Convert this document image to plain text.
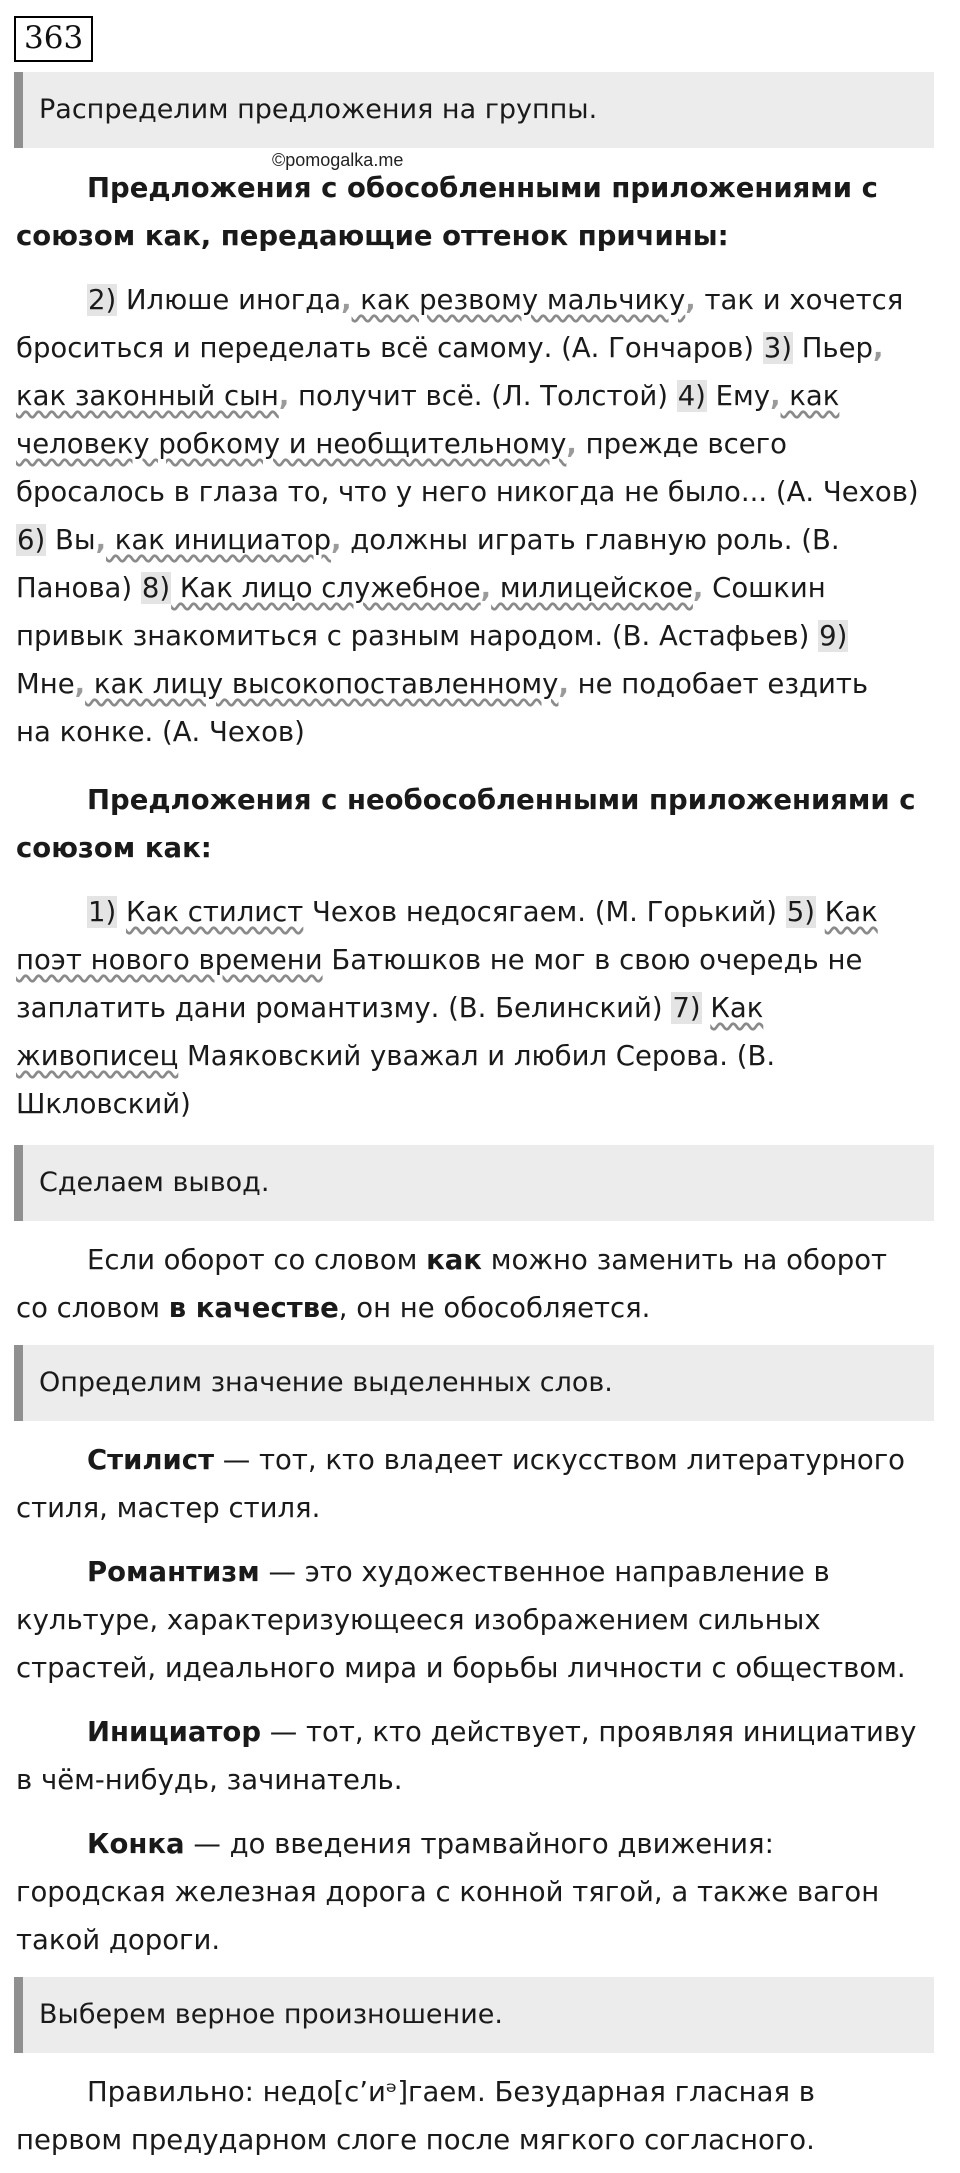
363
Распределим предложения на группы.
©pomogalka.me
Предложения с обособленными приложениями с
союзом как, передающие оттенок причины:
2) Илюше иногда, как резвому мальчику, так и хочется
броситься и переделать всё самому. (А. Гончаров) 3) Пьер,
как законный сын, получит всё. (Л. Толстой) 4) Ему, как
человеку робкому и необщительному, прежде всего
бросалось в глаза то, что у него никогда не было... (А. Чехов)
6) Вы, как инициатор, должны играть главную роль. (В.
Панова) 8) Как лицо служебное, милицейское, Сошкин
привык знакомиться с разным народом. (В. Астафьев) 9)
Мне, как лицу высокопоставленному, не подобает ездить
на конке. (А. Чехов)
Предложения с необособленными приложениями с
союзом как:
1) Как стилист Чехов недосягаем. (М. Горький) 5) Как
поэт нового времени Батюшков не мог в свою очередь не
заплатить дани романтизму. (В. Белинский) 7) Как
живописец Маяковский уважал и любил Серова. (В.
Шкловский)
Сделаем вывод.
Если оборот со словом как можно заменить на оборот
со словом в качестве, он не обособляется.
Определим значение выделенных слов.
Стилист — тот, кто владеет искусством литературного
стиля, мастер стиля.
Романтизм — это художественное направление в
культуре, характеризующееся изображением сильных
страстей, идеального мира и борьбы личности с обществом.
Инициатор — тот, кто действует, проявляя инициативу
в чём-нибудь, зачинатель.
Конка — до введения трамвайного движения:
городская железная дорога с конной тягой, а также вагон
такой дороги.
Выберем верное произношение.
Правильно: недо[с’иᵊ]гаем. Безударная гласная в
первом предударном слоге после мягкого согласного.
